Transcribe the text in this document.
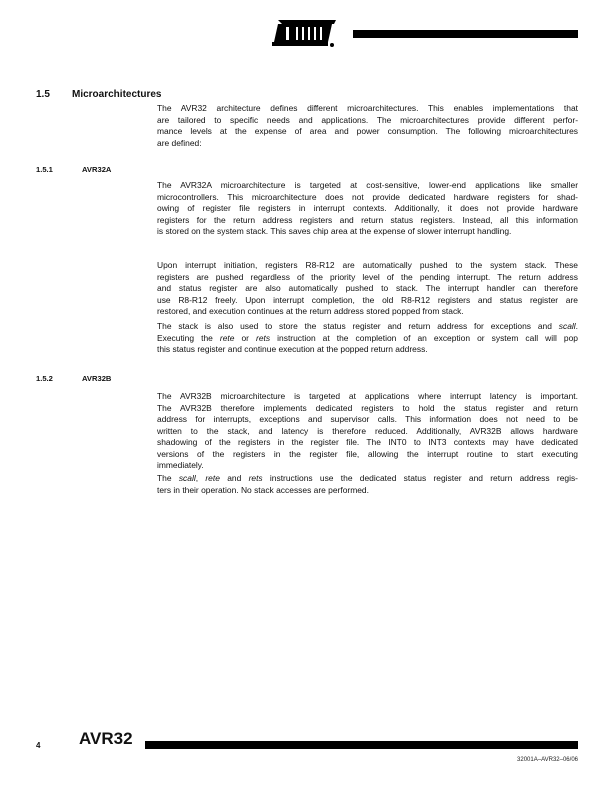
维库电子市场网
1.5 Microarchitectures
The AVR32 architecture defines different microarchitectures. This enables implementations that
are tailored to specific needs and applications. The microarchitectures provide different perfor-
mance levels at the expense of area and power consumption. The following microarchitectures
are defined:
1.5.1	AVR32A
The AVR32A microarchitecture is targeted at cost-sensitive, lower-end applications like smaller
microcontrollers. This microarchitecture does not provide dedicated hardware registers for shad-
owing of register file registers in interrupt contexts. Additionally, it does not provide hardware
registers for the return address registers and return status registers. Instead, all this information
is stored on the system stack. This saves chip area at the expense of slower interrupt handling.
Upon interrupt initiation, registers R8-R12 are automatically pushed to the system stack. These
registers are pushed regardless of the priority level of the pending interrupt. The return address
and status register are also automatically pushed to stack. The interrupt handler can therefore
use R8-R12 freely. Upon interrupt completion, the old R8-R12 registers and status register are
restored, and execution continues at the return address stored popped from stack.
The stack is also used to store the status register and return address for exceptions and scall.
Executing the rete or rets instruction at the completion of an exception or system call will pop
this status register and continue execution at the popped return address.
1.5.2	AVR32B
The AVR32B microarchitecture is targeted at applications where interrupt latency is important.
The AVR32B therefore implements dedicated registers to hold the status register and return
address for interrupts, exceptions and supervisor calls. This information does not need to be
written to the stack, and latency is therefore reduced. Additionally, AVR32B allows hardware
shadowing of the registers in the register file. The INT0 to INT3 contexts may have dedicated
versions of the registers in the register file, allowing the interrupt routine to start executing
immediately.
The scall, rete and rets instructions use the dedicated status register and return address regis-
ters in their operation. No stack accesses are performed.
4 AVR32
32001A–AVR32–06/06
